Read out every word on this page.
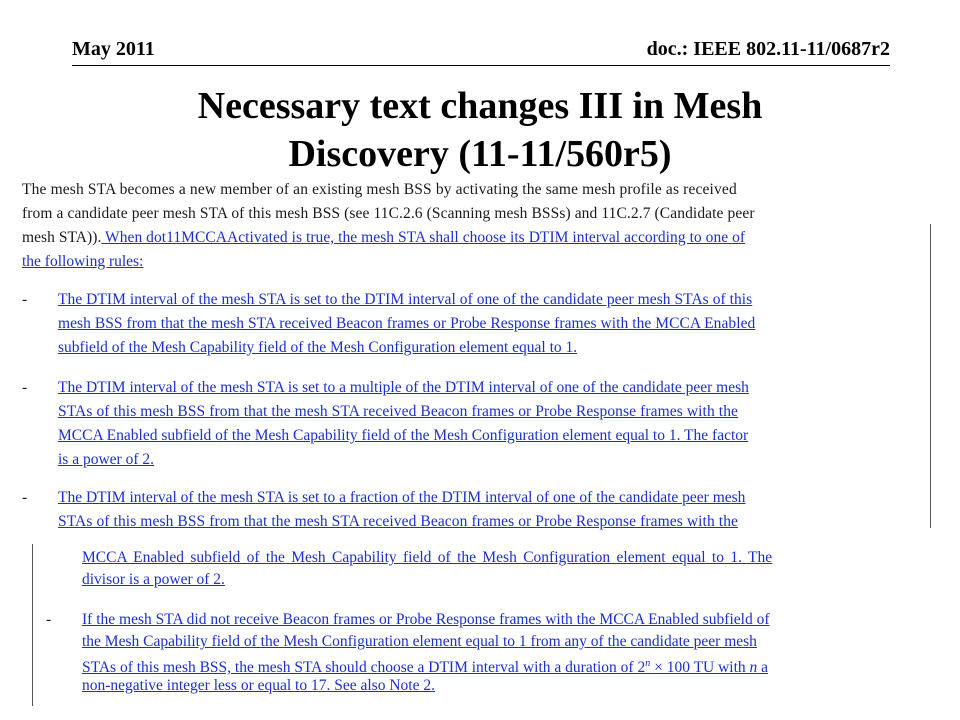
May 2011	doc.: IEEE 802.11-11/0687r2
Necessary text changes III in Mesh
Discovery (11-11/560r5)
The mesh STA becomes a new member of an existing mesh BSS by activating the same mesh profile as received
from a candidate peer mesh STA of this mesh BSS (see 11C.2.6 (Scanning mesh BSSs) and 11C.2.7 (Candidate peer
mesh STA)). When dot11MCCAActivated is true, the mesh STA shall choose its DTIM interval according to one of
the following rules:
- The DTIM interval of the mesh STA is set to the DTIM interval of one of the candidate peer mesh STAs of this
mesh BSS from that the mesh STA received Beacon frames or Probe Response frames with the MCCA Enabled
subfield of the Mesh Capability field of the Mesh Configuration element equal to 1.
- The DTIM interval of the mesh STA is set to a multiple of the DTIM interval of one of the candidate peer mesh
STAs of this mesh BSS from that the mesh STA received Beacon frames or Probe Response frames with the
MCCA Enabled subfield of the Mesh Capability field of the Mesh Configuration element equal to 1. The factor
is a power of 2.
- The DTIM interval of the mesh STA is set to a fraction of the DTIM interval of one of the candidate peer mesh
STAs of this mesh BSS from that the mesh STA received Beacon frames or Probe Response frames with the
MCCA Enabled subfield of the Mesh Capability field of the Mesh Configuration element equal to 1. The
divisor is a power of 2.
- If the mesh STA did not receive Beacon frames or Probe Response frames with the MCCA Enabled subfield of
the Mesh Capability field of the Mesh Configuration element equal to 1 from any of the candidate peer mesh
STAs of this mesh BSS, the mesh STA should choose a DTIM interval with a duration of $2^n \times 100$ TU with n a
non-negative integer less or equal to 17. See also Note 2.
